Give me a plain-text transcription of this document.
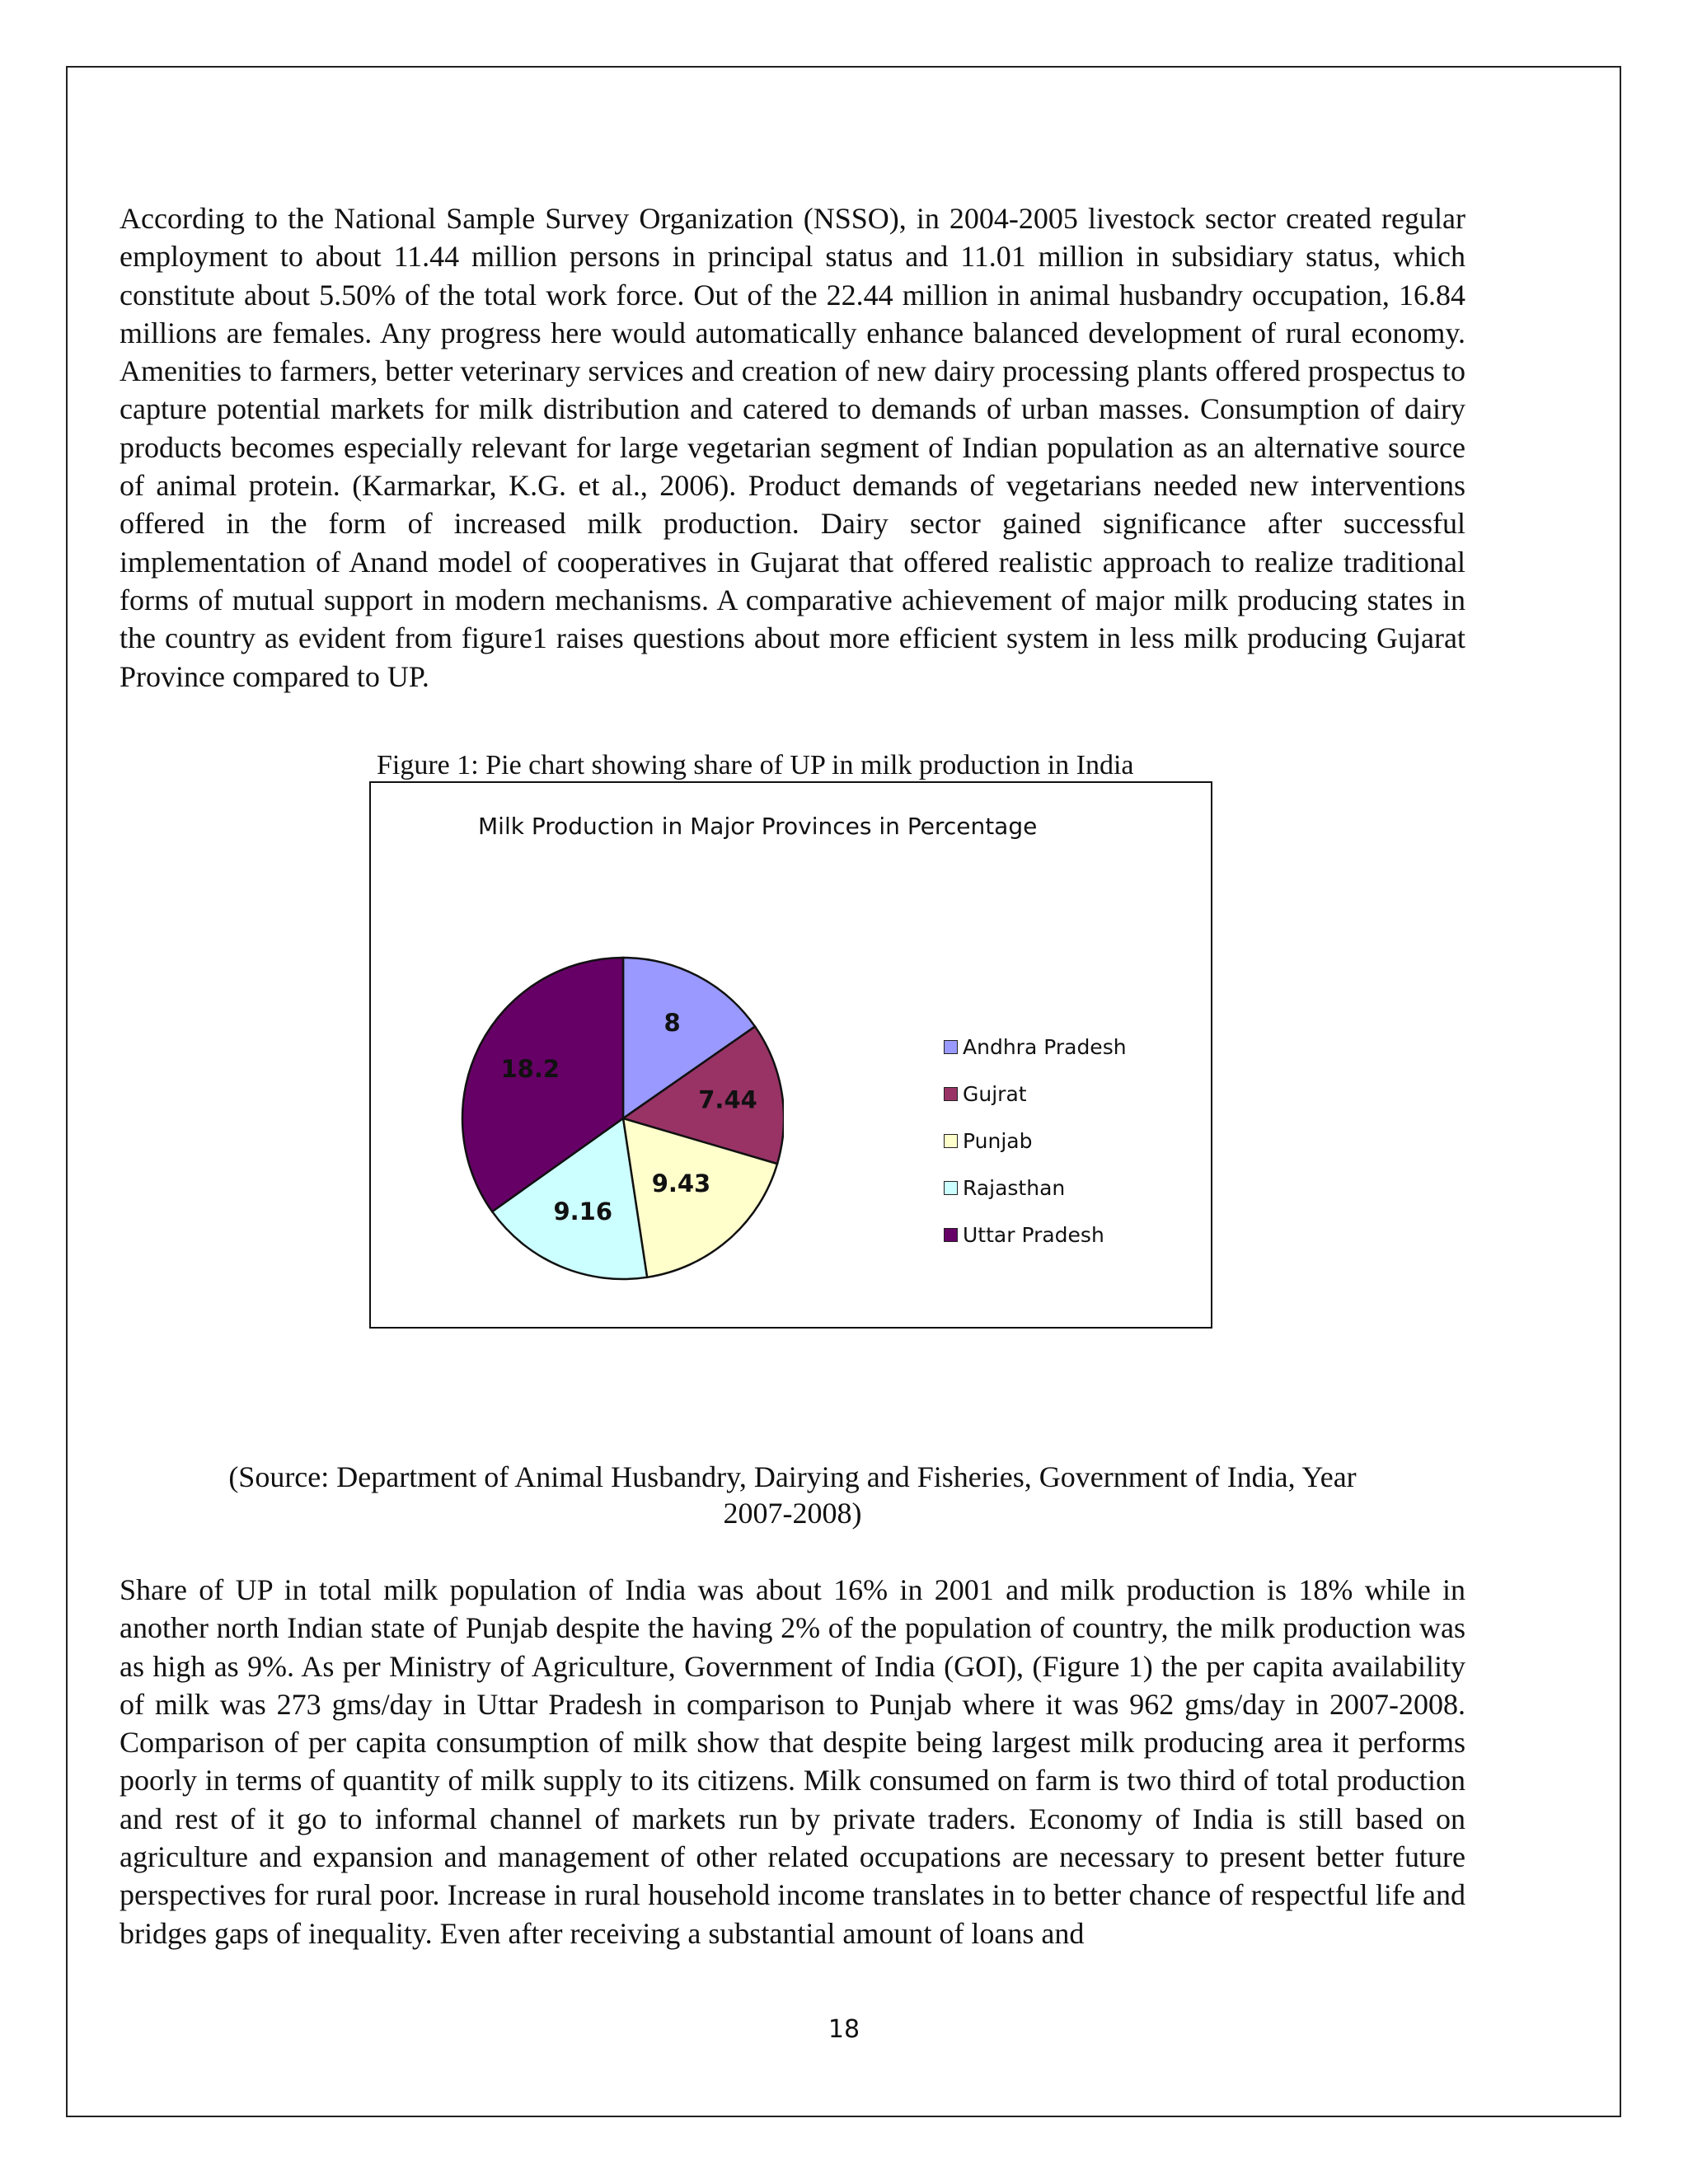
According to the National Sample Survey Organization (NSSO), in 2004-2005 livestock sector created regular employment to about 11.44 million persons in principal status and 11.01 million in subsidiary status, which constitute about 5.50% of the total work force. Out of the 22.44 million in animal husbandry occupation, 16.84 millions are females. Any progress here would automatically enhance balanced development of rural economy. Amenities to farmers, better veterinary services and creation of new dairy processing plants offered prospectus to capture potential markets for milk distribution and catered to demands of urban masses. Consumption of dairy products becomes especially relevant for large vegetarian segment of Indian population as an alternative source of animal protein. (Karmarkar, K.G. et al., 2006). Product demands of vegetarians needed new interventions offered in the form of increased milk production. Dairy sector gained significance after successful implementation of Anand model of cooperatives in Gujarat that offered realistic approach to realize traditional forms of mutual support in modern mechanisms. A comparative achievement of major milk producing states in the country as evident from figure1 raises questions about more efficient system in less milk producing Gujarat Province compared to UP.

Figure 1: Pie chart showing share of UP in milk production in India

Milk Production in Major Provinces in Percentage

8
7.44
9.43
9.16
18.2
Andhra Pradesh
Gujrat
Punjab
Rajasthan
Uttar Pradesh

(Source: Department of Animal Husbandry, Dairying and Fisheries, Government of India, Year
2007-2008)

Share of UP in total milk population of India was about 16% in 2001 and milk production is 18% while in another north Indian state of Punjab despite the having 2% of the population of country, the milk production was as high as 9%. As per Ministry of Agriculture, Government of India (GOI), (Figure 1) the per capita availability of milk was 273 gms/day in Uttar Pradesh in comparison to Punjab where it was 962 gms/day in 2007-2008. Comparison of per capita consumption of milk show that despite being largest milk producing area it performs poorly in terms of quantity of milk supply to its citizens. Milk consumed on farm is two third of total production and rest of it go to informal channel of markets run by private traders. Economy of India is still based on agriculture and expansion and management of other related occupations are necessary to present better future perspectives for rural poor. Increase in rural household income translates in to better chance of respectful life and bridges gaps of inequality. Even after receiving a substantial amount of loans and

18
